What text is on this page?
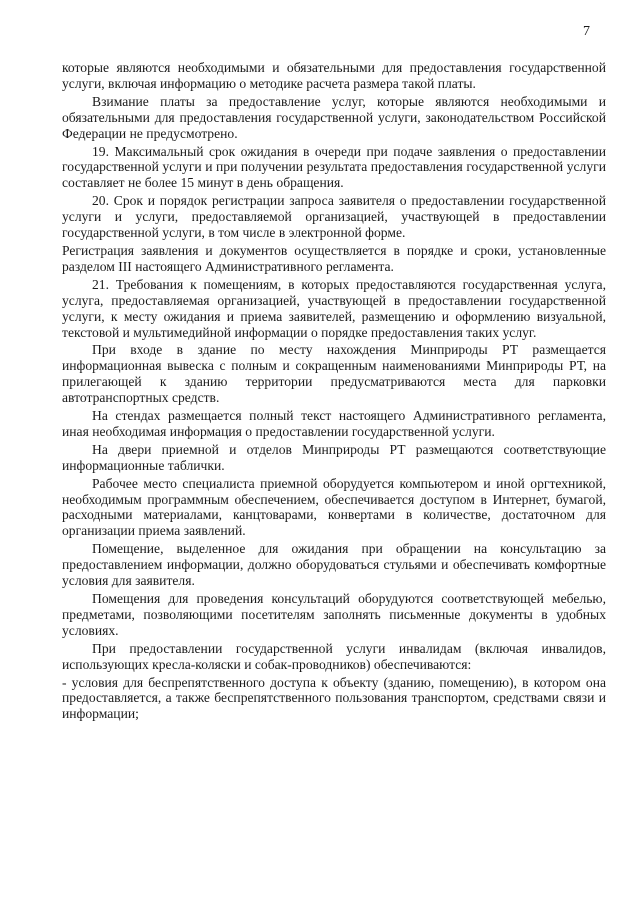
7

которые являются необходимыми и обязательными для предоставления государственной услуги, включая информацию о методике расчета размера такой платы.

Взимание платы за предоставление услуг, которые являются необходимыми и обязательными для предоставления государственной услуги, законодательством Российской Федерации не предусмотрено.

19. Максимальный срок ожидания в очереди при подаче заявления о предоставлении государственной услуги и при получении результата предоставления государственной услуги составляет не более 15 минут в день обращения.

20. Срок и порядок регистрации запроса заявителя о предоставлении государственной услуги и услуги, предоставляемой организацией, участвующей в предоставлении государственной услуги, в том числе в электронной форме.

Регистрация заявления и документов осуществляется в порядке и сроки, установленные разделом III настоящего Административного регламента.

21. Требования к помещениям, в которых предоставляются государственная услуга, услуга, предоставляемая организацией, участвующей в предоставлении государственной услуги, к месту ожидания и приема заявителей, размещению и оформлению визуальной, текстовой и мультимедийной информации о порядке предоставления таких услуг.

При входе в здание по месту нахождения Минприроды РТ размещается информационная вывеска с полным и сокращенным наименованиями Минприроды РТ, на прилегающей к зданию территории предусматриваются места для парковки автотранспортных средств.

На стендах размещается полный текст настоящего Административного регламента, иная необходимая информация о предоставлении государственной услуги.

На двери приемной и отделов Минприроды РТ размещаются соответствующие информационные таблички.

Рабочее место специалиста приемной оборудуется компьютером и иной оргтехникой, необходимым программным обеспечением, обеспечивается доступом в Интернет, бумагой, расходными материалами, канцтоварами, конвертами в количестве, достаточном для организации приема заявлений.

Помещение, выделенное для ожидания при обращении на консультацию за предоставлением информации, должно оборудоваться стульями и обеспечивать комфортные условия для заявителя.

Помещения для проведения консультаций оборудуются соответствующей мебелью, предметами, позволяющими посетителям заполнять письменные документы в удобных условиях.

При предоставлении государственной услуги инвалидам (включая инвалидов, использующих кресла-коляски и собак-проводников) обеспечиваются:

- условия для беспрепятственного доступа к объекту (зданию, помещению), в котором она предоставляется, а также беспрепятственного пользования транспортом, средствами связи и информации;
